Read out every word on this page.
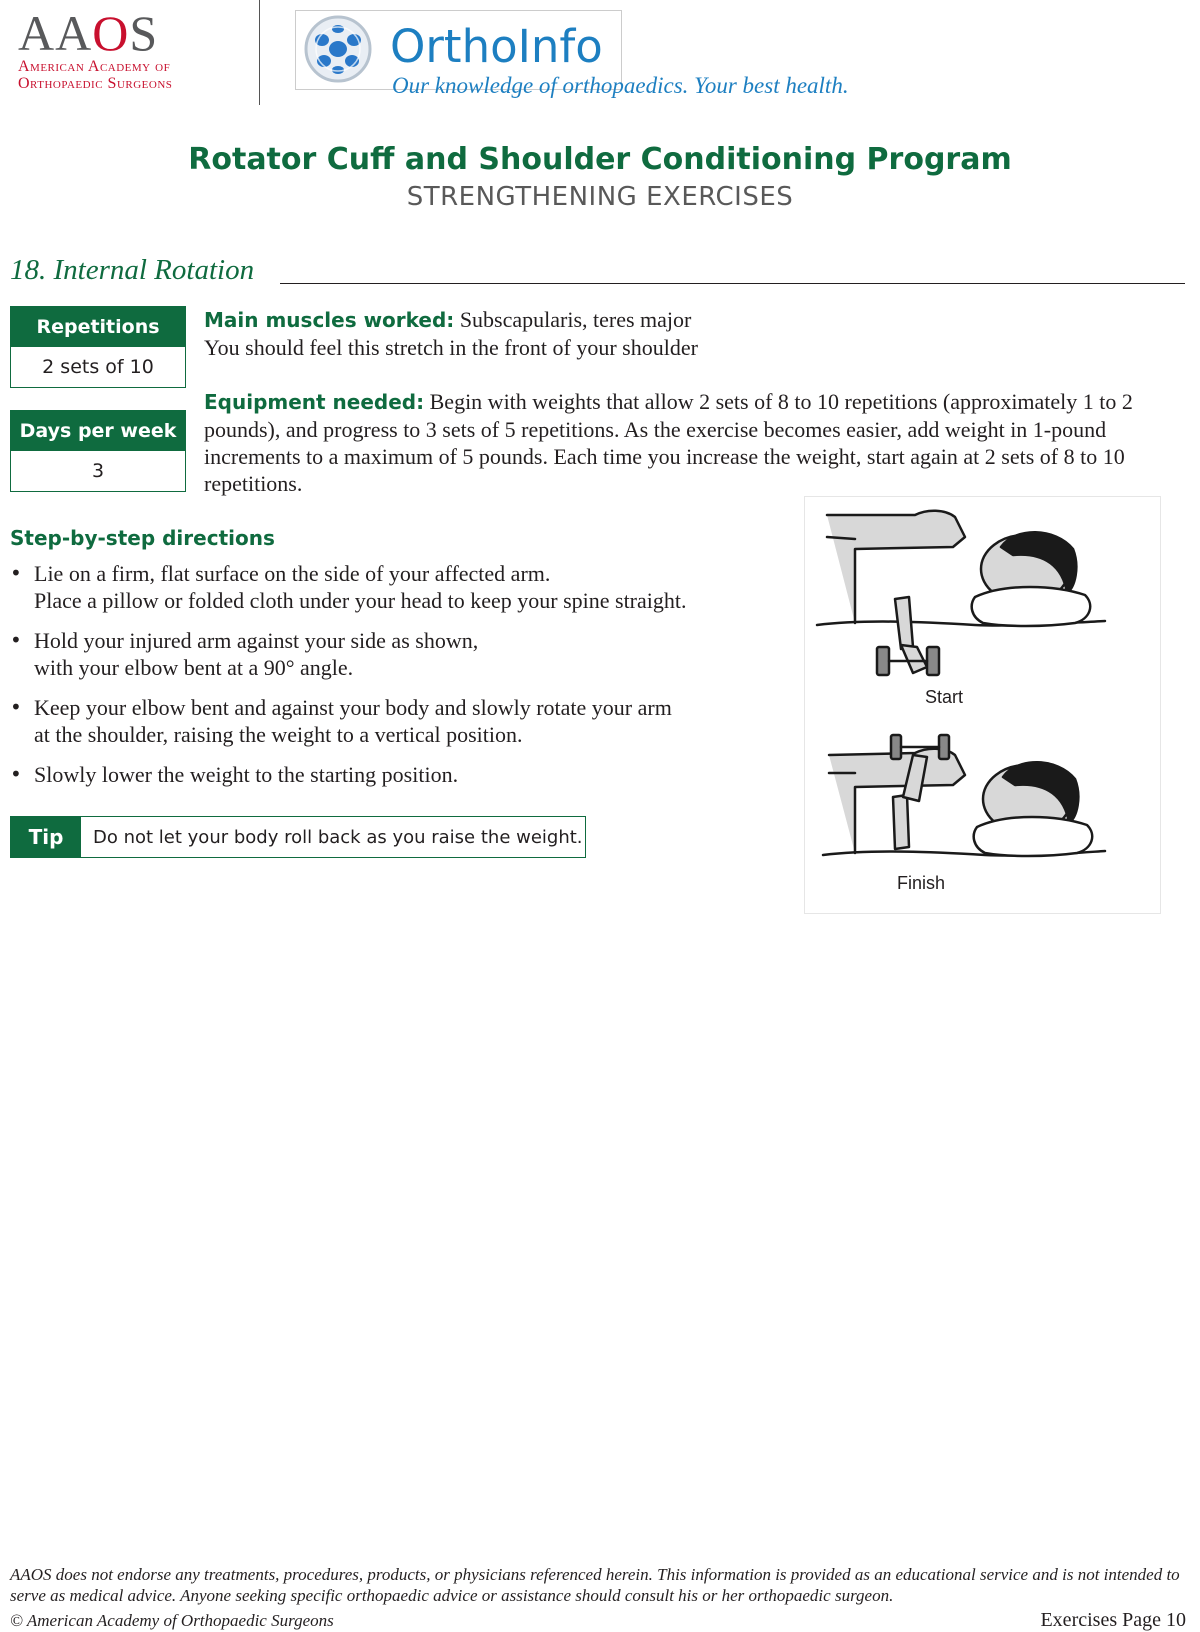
AAOS
American Academy of
Orthopaedic Surgeons
OrthoInfo
Our knowledge of orthopaedics. Your best health.
Rotator Cuff and Shoulder Conditioning Program
STRENGTHENING EXERCISES
18. Internal Rotation
Repetitions
2 sets of 10
Days per week
3
Main muscles worked: Subscapularis, teres major
You should feel this stretch in the front of your shoulder
Equipment needed: Begin with weights that allow 2 sets of 8 to 10 repetitions (approximately 1 to 2 pounds), and progress to 3 sets of 5 repetitions. As the exercise becomes easier, add weight in 1-pound increments to a maximum of 5 pounds. Each time you increase the weight, start again at 2 sets of 8 to 10 repetitions.
Step-by-step directions
• Lie on a firm, flat surface on the side of your affected arm.
Place a pillow or folded cloth under your head to keep your spine straight.
• Hold your injured arm against your side as shown,
with your elbow bent at a 90° angle.
• Keep your elbow bent and against your body and slowly rotate your arm
at the shoulder, raising the weight to a vertical position.
• Slowly lower the weight to the starting position.
Tip	Do not let your body roll back as you raise the weight.
Start
Finish
AAOS does not endorse any treatments, procedures, products, or physicians referenced herein. This information is provided as an educational service and is not intended to serve as medical advice. Anyone seeking specific orthopaedic advice or assistance should consult his or her orthopaedic surgeon.
© American Academy of Orthopaedic Surgeons	Exercises Page 10
